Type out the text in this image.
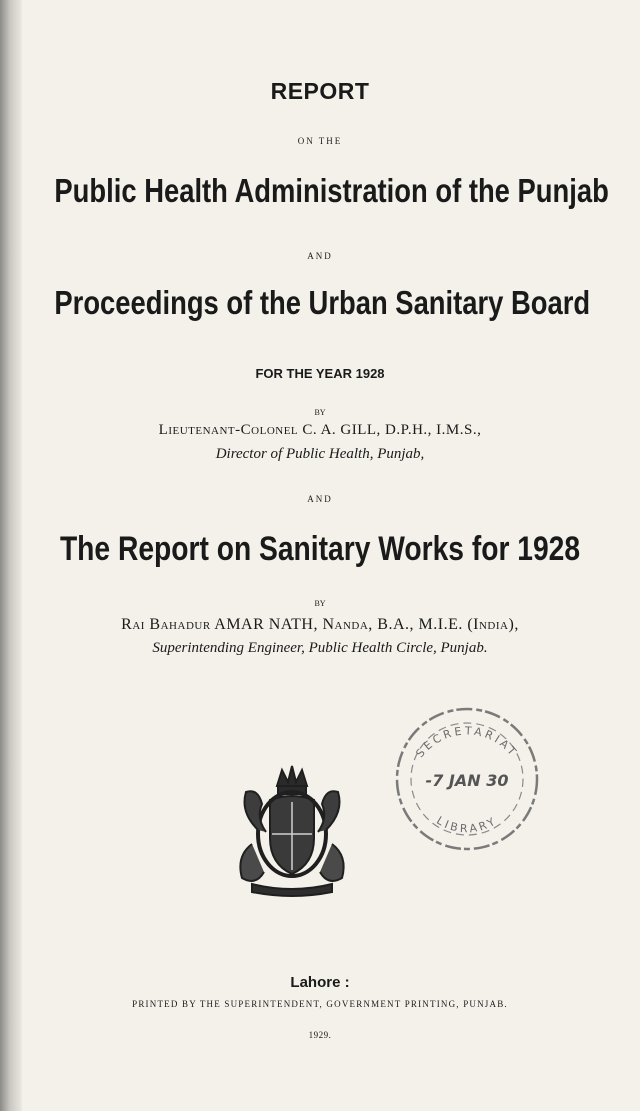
REPORT
ON THE
Public Health Administration of the Punjab
AND
Proceedings of the Urban Sanitary Board
FOR THE YEAR 1928
BY
Lieutenant-Colonel C. A. GILL, D.P.H., I.M.S.,
Director of Public Health, Punjab,
AND
The Report on Sanitary Works for 1928
BY
Rai Bahadur AMAR NATH, Nanda, B.A., M.I.E. (India),
Superintending Engineer, Public Health Circle, Punjab.
SECRETARIAT
-7 JAN 30
LIBRARY
Lahore :
PRINTED BY THE SUPERINTENDENT, GOVERNMENT PRINTING, PUNJAB.
1929.
